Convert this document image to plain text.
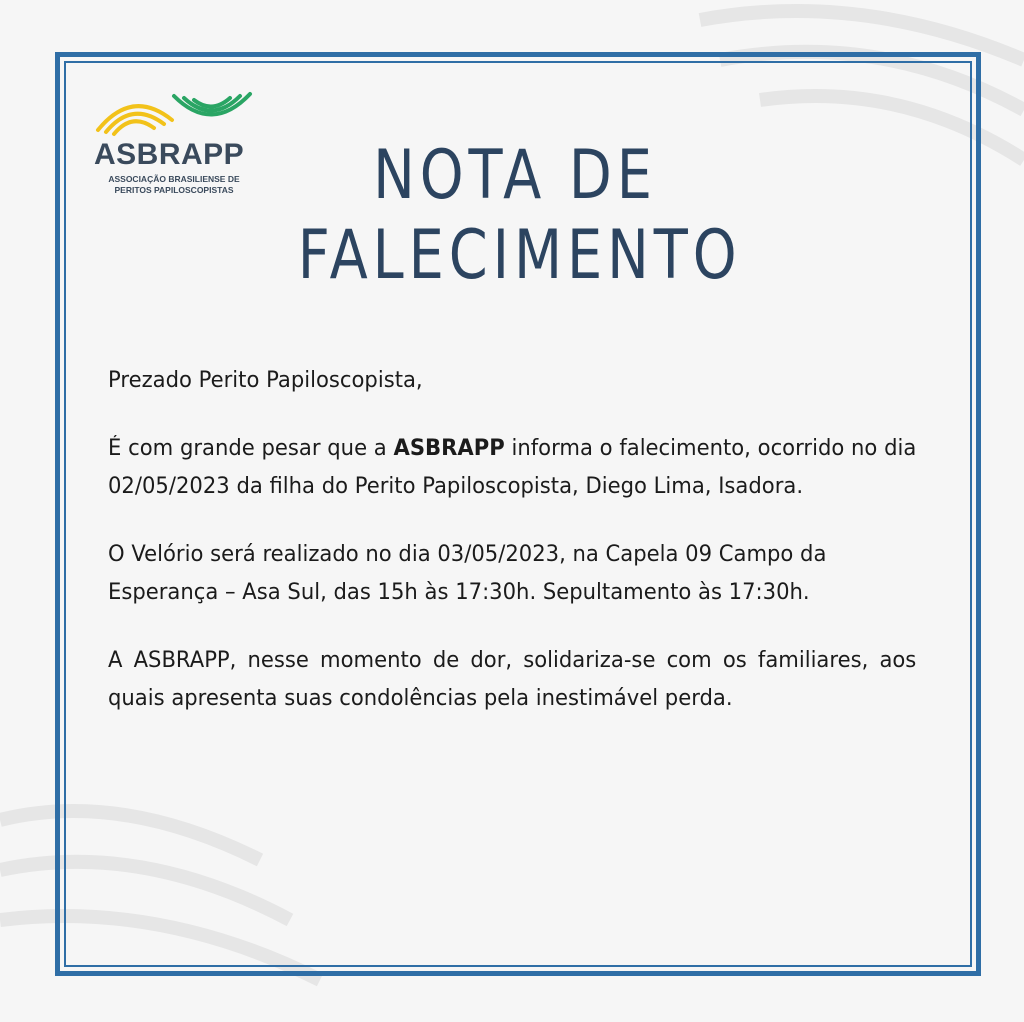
ASBRAPP
ASSOCIAÇÃO BRASILIENSE DE
PERITOS PAPILOSCOPISTAS	NOTA DE
FALECIMENTO

Prezado Perito Papiloscopista,

É com grande pesar que a ASBRAPP informa o falecimento, ocorrido no dia 02/05/2023 da filha do Perito Papiloscopista, Diego Lima, Isadora.

O Velório será realizado no dia 03/05/2023, na Capela 09 Campo da Esperança – Asa Sul, das 15h às 17:30h. Sepultamento às 17:30h.

A ASBRAPP, nesse momento de dor, solidariza-se com os familiares, aos quais apresenta suas condolências pela inestimável perda.
